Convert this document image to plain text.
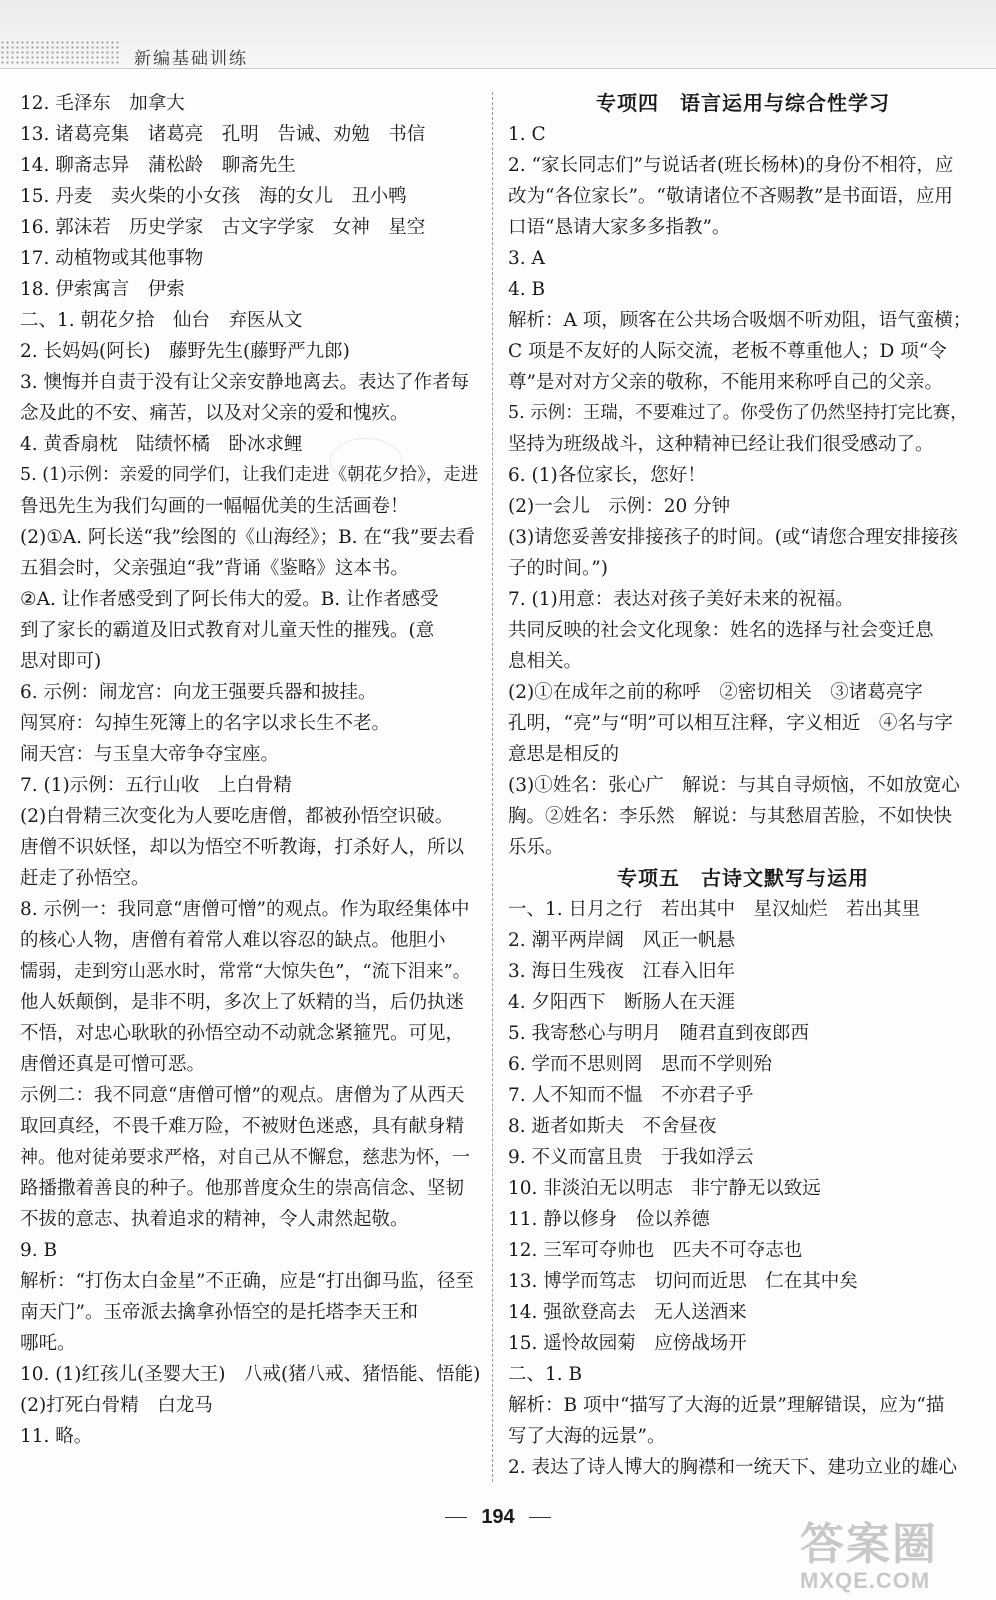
新编基础训练
12. 毛泽东　加拿大
13. 诸葛亮集　诸葛亮　孔明　告诫、劝勉　书信
14. 聊斋志异　蒲松龄　聊斋先生
15. 丹麦　卖火柴的小女孩　海的女儿　丑小鸭
16. 郭沫若　历史学家　古文字学家　女神　星空
17. 动植物或其他事物
18. 伊索寓言　伊索
二、1. 朝花夕拾　仙台　弃医从文
2. 长妈妈(阿长)　藤野先生(藤野严九郎)
3. 懊悔并自责于没有让父亲安静地离去。表达了作者每
念及此的不安、痛苦，以及对父亲的爱和愧疚。
4. 黄香扇枕　陆绩怀橘　卧冰求鲤
5. (1)示例：亲爱的同学们，让我们走进《朝花夕拾》，走进
鲁迅先生为我们勾画的一幅幅优美的生活画卷！
(2)①A. 阿长送“我”绘图的《山海经》；B. 在“我”要去看
五猖会时，父亲强迫“我”背诵《鉴略》这本书。
②A. 让作者感受到了阿长伟大的爱。B. 让作者感受
到了家长的霸道及旧式教育对儿童天性的摧残。(意
思对即可)
6. 示例：闹龙宫：向龙王强要兵器和披挂。
闯冥府：勾掉生死簿上的名字以求长生不老。
闹天宫：与玉皇大帝争夺宝座。
7. (1)示例：五行山收　上白骨精
(2)白骨精三次变化为人要吃唐僧，都被孙悟空识破。
唐僧不识妖怪，却以为悟空不听教诲，打杀好人，所以
赶走了孙悟空。
8. 示例一：我同意“唐僧可憎”的观点。作为取经集体中
的核心人物，唐僧有着常人难以容忍的缺点。他胆小
懦弱，走到穷山恶水时，常常“大惊失色”，“流下泪来”。
他人妖颠倒，是非不明，多次上了妖精的当，后仍执迷
不悟，对忠心耿耿的孙悟空动不动就念紧箍咒。可见，
唐僧还真是可憎可恶。
示例二：我不同意“唐僧可憎”的观点。唐僧为了从西天
取回真经，不畏千难万险，不被财色迷惑，具有献身精
神。他对徒弟要求严格，对自己从不懈怠，慈悲为怀，一
路播撒着善良的种子。他那普度众生的崇高信念、坚韧
不拔的意志、执着追求的精神，令人肃然起敬。
9. B
解析：“打伤太白金星”不正确，应是“打出御马监，径至
南天门”。玉帝派去擒拿孙悟空的是托塔李天王和
哪吒。
10. (1)红孩儿(圣婴大王)　八戒(猪八戒、猪悟能、悟能)
(2)打死白骨精　白龙马
11. 略。
专项四　语言运用与综合性学习
1. C
2. “家长同志们”与说话者(班长杨林)的身份不相符，应
改为“各位家长”。“敬请诸位不吝赐教”是书面语，应用
口语“恳请大家多多指教”。
3. A
4. B
解析：A 项，顾客在公共场合吸烟不听劝阻，语气蛮横；
C 项是不友好的人际交流，老板不尊重他人；D 项“令
尊”是对对方父亲的敬称，不能用来称呼自己的父亲。
5. 示例：王瑞，不要难过了。你受伤了仍然坚持打完比赛，
坚持为班级战斗，这种精神已经让我们很受感动了。
6. (1)各位家长，您好！
(2)一会儿　示例：20 分钟
(3)请您妥善安排接孩子的时间。(或“请您合理安排接孩
子的时间。”)
7. (1)用意：表达对孩子美好未来的祝福。
共同反映的社会文化现象：姓名的选择与社会变迁息
息相关。
(2)①在成年之前的称呼　②密切相关　③诸葛亮字
孔明，“亮”与“明”可以相互注释，字义相近　④名与字
意思是相反的
(3)①姓名：张心广　解说：与其自寻烦恼，不如放宽心
胸。②姓名：李乐然　解说：与其愁眉苦脸，不如快快
乐乐。
专项五　古诗文默写与运用
一、1. 日月之行　若出其中　星汉灿烂　若出其里
2. 潮平两岸阔　风正一帆悬
3. 海日生残夜　江春入旧年
4. 夕阳西下　断肠人在天涯
5. 我寄愁心与明月　随君直到夜郎西
6. 学而不思则罔　思而不学则殆
7. 人不知而不愠　不亦君子乎
8. 逝者如斯夫　不舍昼夜
9. 不义而富且贵　于我如浮云
10. 非淡泊无以明志　非宁静无以致远
11. 静以修身　俭以养德
12. 三军可夺帅也　匹夫不可夺志也
13. 博学而笃志　切问而近思　仁在其中矣
14. 强欲登高去　无人送酒来
15. 遥怜故园菊　应傍战场开
二、1. B
解析：B 项中“描写了大海的近景”理解错误，应为“描
写了大海的远景”。
2. 表达了诗人博大的胸襟和一统天下、建功立业的雄心
194
答案圈
MXQE.COM
